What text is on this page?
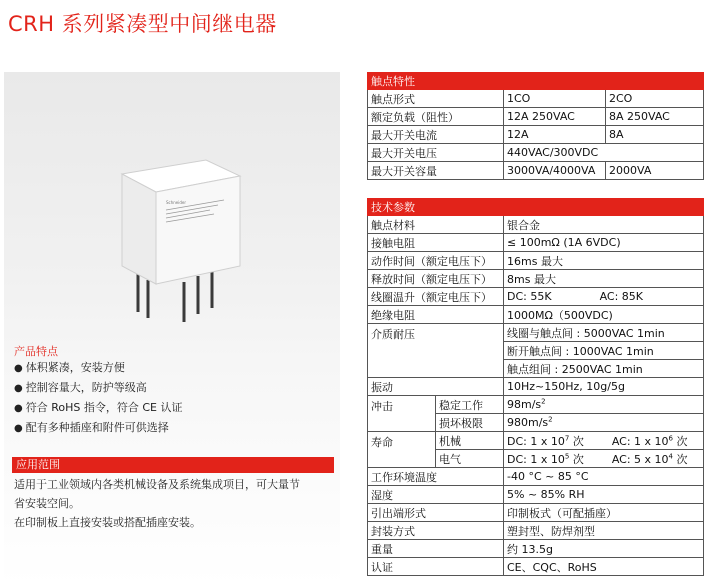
CRH 系列紧凑型中间继电器
Schneider
产品特点
● 体积紧凑，安装方便
● 控制容量大，防护等级高
● 符合 RoHS 指令，符合 CE 认证
● 配有多种插座和附件可供选择
应用范围
适用于工业领域内各类机械设备及系统集成项目，可大量节
省安装空间。
在印制板上直接安装或搭配插座安装。
触点特性		
触点形式	1CO	2CO
额定负载（阻性）	12A 250VAC	8A 250VAC
最大开关电流	12A	8A
最大开关电压	440VAC/300VDC	
最大开关容量	3000VA/4000VA	2000VA
技术参数		
触点材料		银合金
接触电阻		≤ 100mΩ (1A 6VDC)
动作时间（额定电压下）		16ms 最大
释放时间（额定电压下）		8ms 最大
线圈温升（额定电压下）		DC: 55K AC: 85K
绝缘电阻		1000MΩ（500VDC)
介质耐压		线圈与触点间 : 5000VAC 1min
		断开触点间 : 1000VAC 1min
		触点组间 : 2500VAC 1min
振动		10Hz~150Hz, 10g/5g
冲击	稳定工作	$98m/s^2$
	损坏极限	$980m/s^2$
寿命	机械	DC: 1 x $10^7$ 次 AC: 1 x $10^6$ 次
	电气	DC: 1 x $10^5$ 次 AC: 5 x $10^4$ 次
工作环境温度		-40 °C ~ 85 °C
湿度		5% ~ 85% RH
引出端形式		印制板式（可配插座）
封装方式		塑封型、防焊剂型
重量		约 13.5g
认证		CE、CQC、RoHS
